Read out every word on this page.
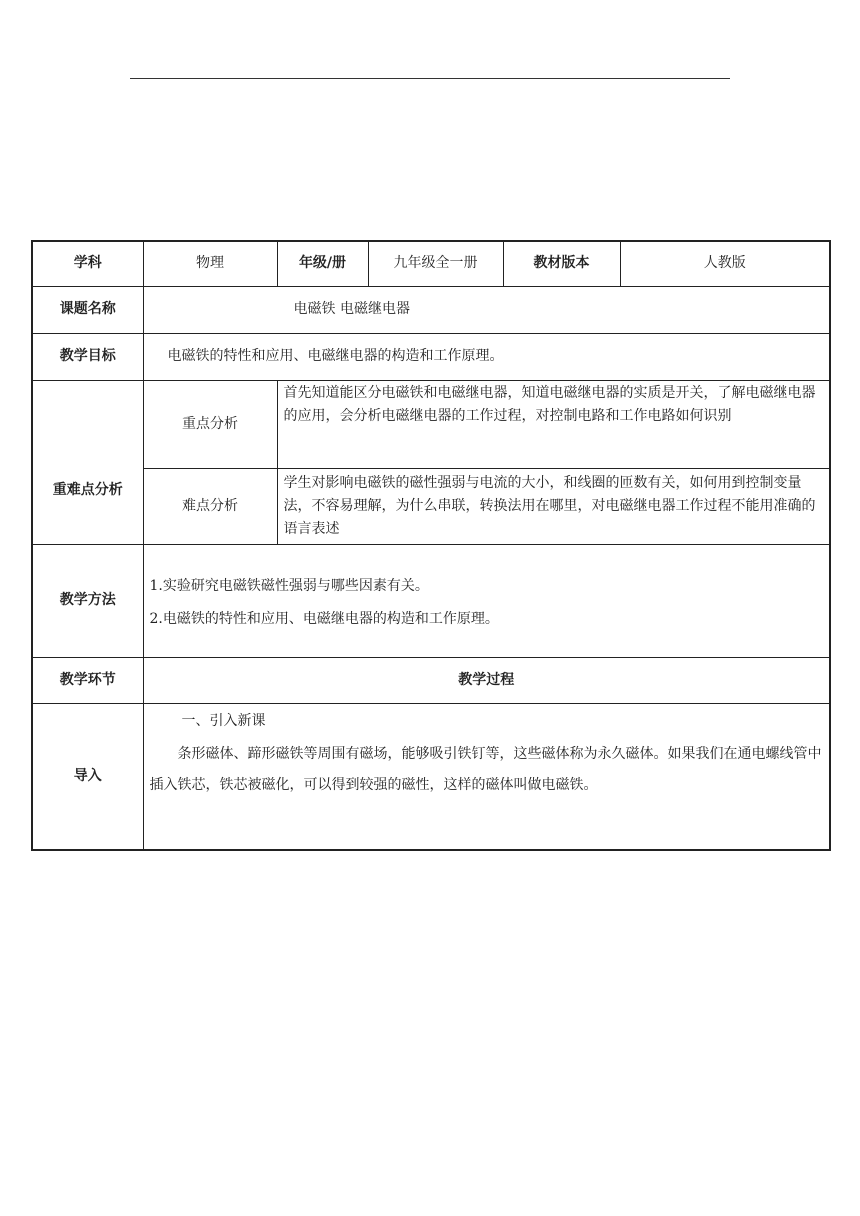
学科	物理	年级/册	九年级全一册	教材版本	人教版
课题名称	电磁铁 电磁继电器				
教学目标	电磁铁的特性和应用、电磁继电器的构造和工作原理。				

重难点分析	重点分析	首先知道能区分电磁铁和电磁继电器，知道电磁继电器的实质是开关，了解电磁继电器的应用，会分析电磁继电器的工作过程，对控制电路和工作电路如何识别			
	难点分析	学生对影响电磁铁的磁性强弱与电流的大小，和线圈的匝数有关，如何用到控制变量法，不容易理解，为什么串联，转换法用在哪里，对电磁继电器工作过程不能用准确的语言表述			
教学方法	1.实验研究电磁铁磁性强弱与哪些因素有关。
2.电磁铁的特性和应用、电磁继电器的构造和工作原理。				

教学环节	教学过程				
导入	一、引入新课
条形磁体、蹄形磁铁等周围有磁场，能够吸引铁钉等，这些磁体称为永久磁体。如果我们在通电螺线管中插入铁芯，铁芯被磁化，可以得到较强的磁性，这样的磁体叫做电磁铁。				
